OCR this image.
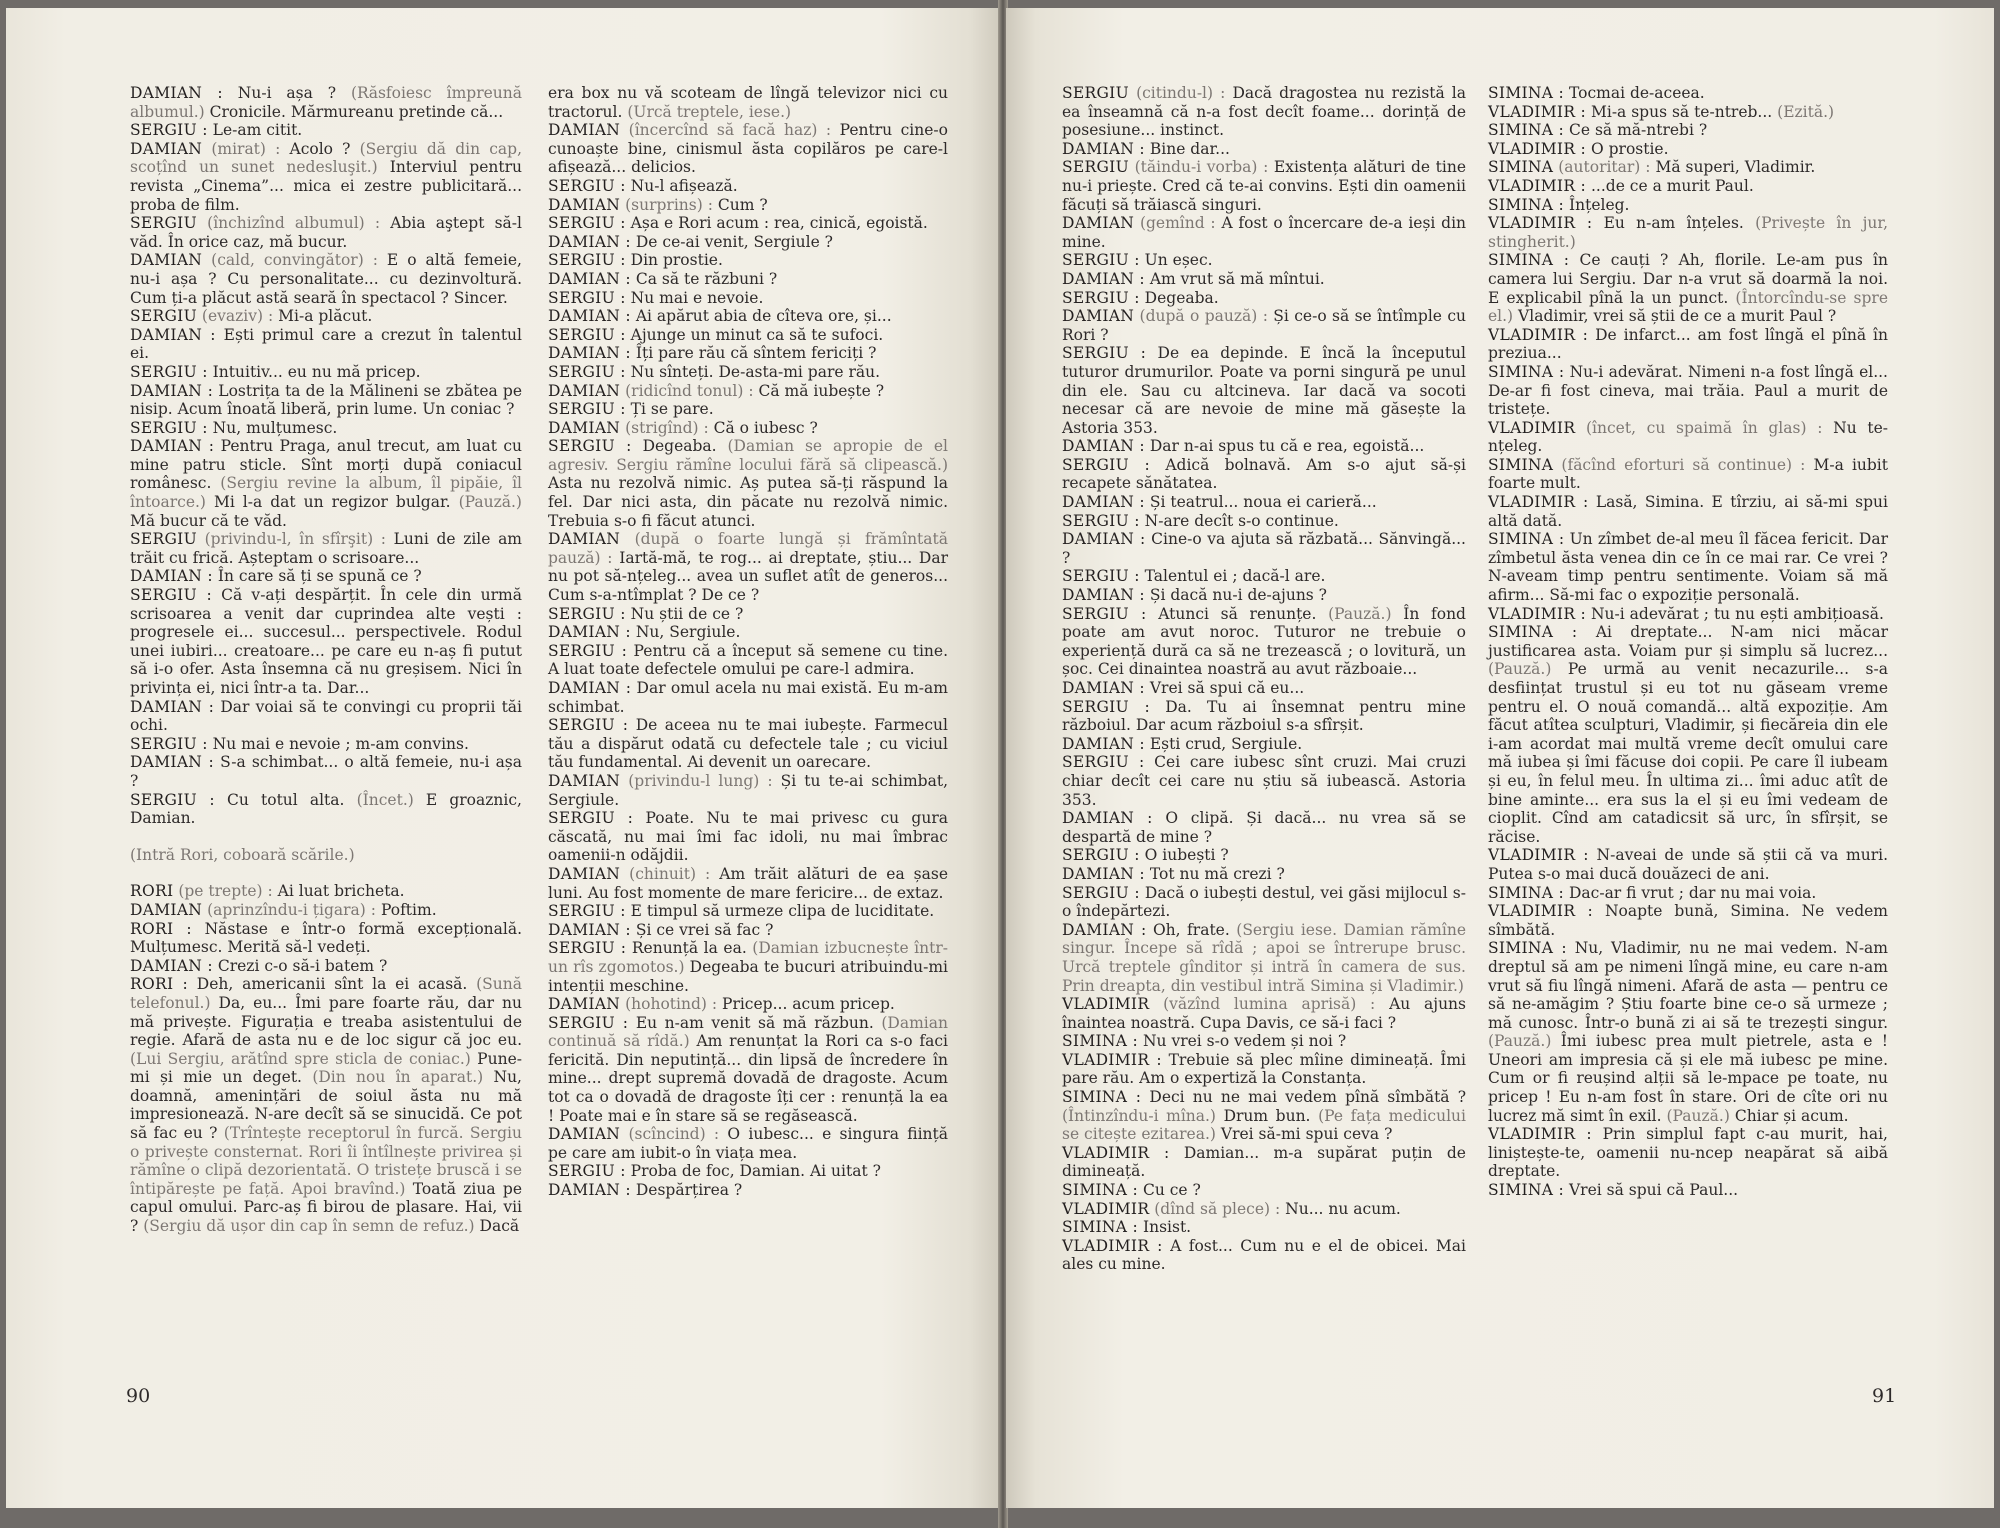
DAMIAN : Nu-i așa ? (Răsfoiesc împreună albumul.) Cronicile. Mărmureanu pretinde că...

SERGIU : Le-am citit.

DAMIAN (mirat) : Acolo ? (Sergiu dă din cap, scoțînd un sunet nedesluşit.) Interviul pentru revista „Cinema”... mica ei zestre publicitară... proba de film.

SERGIU (închizînd albumul) : Abia aştept să-l văd. În orice caz, mă bucur.

DAMIAN (cald, convingător) : E o altă femeie, nu-i așa ? Cu personalitate... cu dezinvoltură. Cum ți-a plăcut astă seară în spectacol ? Sincer.

SERGIU (evaziv) : Mi-a plăcut.

DAMIAN : Ești primul care a crezut în talentul ei.

SERGIU : Intuitiv... eu nu mă pricep.

DAMIAN : Lostrița ta de la Mălineni se zbătea pe nisip. Acum înoată liberă, prin lume. Un coniac ?

SERGIU : Nu, mulțumesc.

DAMIAN : Pentru Praga, anul trecut, am luat cu mine patru sticle. Sînt morți după coniacul românesc. (Sergiu revine la album, îl pipăie, îl întoarce.) Mi l-a dat un regizor bulgar. (Pauză.) Mă bucur că te văd.

SERGIU (privindu-l, în sfîrşit) : Luni de zile am trăit cu frică. Așteptam o scrisoare...

DAMIAN : În care să ți se spună ce ?

SERGIU : Că v-ați despărțit. În cele din urmă scrisoarea a venit dar cuprindea alte vești : progresele ei... succesul... perspectivele. Rodul unei iubiri... creatoare... pe care eu n-aș fi putut să i-o ofer. Asta însemna că nu greșisem. Nici în privința ei, nici într-a ta. Dar...

DAMIAN : Dar voiai să te convingi cu proprii tăi ochi.

SERGIU : Nu mai e nevoie ; m-am convins.

DAMIAN : S-a schimbat... o altă femeie, nu-i așa ?

SERGIU : Cu totul alta. (Încet.) E groaznic, Damian.

(Intră Rori, coboară scările.)

RORI (pe trepte) : Ai luat bricheta.

DAMIAN (aprinzîndu-i țigara) : Poftim.

RORI : Năstase e într-o formă excepțională. Mulțumesc. Merită să-l vedeți.

DAMIAN : Crezi c-o să-i batem ?

RORI : Deh, americanii sînt la ei acasă. (Sună telefonul.) Da, eu... Îmi pare foarte rău, dar nu mă privește. Figurația e treaba asistentului de regie. Afară de asta nu e de loc sigur că joc eu. (Lui Sergiu, arătînd spre sticla de coniac.) Pune-mi și mie un deget. (Din nou în aparat.) Nu, doamnă, amenințări de soiul ăsta nu mă impresionează. N-are decît să se sinucidă. Ce pot să fac eu ? (Trîntește receptorul în furcă. Sergiu o privește consternat. Rori îi întîlnește privirea și rămîne o clipă dezorientată. O tristețe bruscă i se întipărește pe față. Apoi bravînd.) Toată ziua pe capul omului. Parc-aș fi birou de plasare. Hai, vii ? (Sergiu dă ușor din cap în semn de refuz.) Dacă

era box nu vă scoteam de lîngă televizor nici cu tractorul. (Urcă treptele, iese.)

DAMIAN (încercînd să facă haz) : Pentru cine-o cunoaște bine, cinismul ăsta copilăros pe care-l afișează... delicios.

SERGIU : Nu-l afișează.

DAMIAN (surprins) : Cum ?

SERGIU : Așa e Rori acum : rea, cinică, egoistă.

DAMIAN : De ce-ai venit, Sergiule ?

SERGIU : Din prostie.

DAMIAN : Ca să te răzbuni ?

SERGIU : Nu mai e nevoie.

DAMIAN : Ai apărut abia de cîteva ore, și...

SERGIU : Ajunge un minut ca să te sufoci.

DAMIAN : Îți pare rău că sîntem fericiți ?

SERGIU : Nu sînteți. De-asta-mi pare rău.

DAMIAN (ridicînd tonul) : Că mă iubește ?

SERGIU : Ți se pare.

DAMIAN (strigînd) : Că o iubesc ?

SERGIU : Degeaba. (Damian se apropie de el agresiv. Sergiu rămîne locului fără să clipească.) Asta nu rezolvă nimic. Aș putea să-ți răspund la fel. Dar nici asta, din păcate nu rezolvă nimic. Trebuia s-o fi făcut atunci.

DAMIAN (după o foarte lungă și frămîntată pauză) : Iartă-mă, te rog... ai dreptate, știu... Dar nu pot să-nțeleg... avea un suflet atît de generos... Cum s-a-ntîmplat ? De ce ?

SERGIU : Nu știi de ce ?

DAMIAN : Nu, Sergiule.

SERGIU : Pentru că a început să semene cu tine. A luat toate defectele omului pe care-l admira.

DAMIAN : Dar omul acela nu mai există. Eu m-am schimbat.

SERGIU : De aceea nu te mai iubește. Farmecul tău a dispărut odată cu defectele tale ; cu viciul tău fundamental. Ai devenit un oarecare.

DAMIAN (privindu-l lung) : Și tu te-ai schimbat, Sergiule.

SERGIU : Poate. Nu te mai privesc cu gura căscată, nu mai îmi fac idoli, nu mai îmbrac oamenii-n odăjdii.

DAMIAN (chinuit) : Am trăit alături de ea șase luni. Au fost momente de mare fericire... de extaz.

SERGIU : E timpul să urmeze clipa de luciditate.

DAMIAN : Și ce vrei să fac ?

SERGIU : Renunță la ea. (Damian izbucnește într-un rîs zgomotos.) Degeaba te bucuri atribuindu-mi intenții meschine.

DAMIAN (hohotind) : Pricep... acum pricep.

SERGIU : Eu n-am venit să mă răzbun. (Damian continuă să rîdă.) Am renunțat la Rori ca s-o faci fericită. Din neputință... din lipsă de încredere în mine... drept supremă dovadă de dragoste. Acum tot ca o dovadă de dragoste îți cer : renunță la ea ! Poate mai e în stare să se regăsească.

DAMIAN (scîncind) : O iubesc... e singura ființă pe care am iubit-o în viața mea.

SERGIU : Proba de foc, Damian. Ai uitat ?

DAMIAN : Despărțirea ?

SERGIU (citindu-l) : Dacă dragostea nu rezistă la ea înseamnă că n-a fost decît foame... dorință de posesiune... instinct.

DAMIAN : Bine dar...

SERGIU (tăindu-i vorba) : Existența alături de tine nu-i priește. Cred că te-ai convins. Ești din oamenii făcuți să trăiască singuri.

DAMIAN (gemînd : A fost o încercare de-a ieși din mine.

SERGIU : Un eșec.

DAMIAN : Am vrut să mă mîntui.

SERGIU : Degeaba.

DAMIAN (după o pauză) : Și ce-o să se întîmple cu Rori ?

SERGIU : De ea depinde. E încă la începutul tuturor drumurilor. Poate va porni singură pe unul din ele. Sau cu altcineva. Iar dacă va socoti necesar că are nevoie de mine mă găsește la Astoria 353.

DAMIAN : Dar n-ai spus tu că e rea, egoistă...

SERGIU : Adică bolnavă. Am s-o ajut să-și recapete sănătatea.

DAMIAN : Și teatrul... noua ei carieră...

SERGIU : N-are decît s-o continue.

DAMIAN : Cine-o va ajuta să răzbată... Sănvingă... ?

SERGIU : Talentul ei ; dacă-l are.

DAMIAN : Și dacă nu-i de-ajuns ?

SERGIU : Atunci să renunțe. (Pauză.) În fond poate am avut noroc. Tuturor ne trebuie o experiență dură ca să ne trezească ; o lovitură, un șoc. Cei dinaintea noastră au avut războaie...

DAMIAN : Vrei să spui că eu...

SERGIU : Da. Tu ai însemnat pentru mine războiul. Dar acum războiul s-a sfîrșit.

DAMIAN : Ești crud, Sergiule.

SERGIU : Cei care iubesc sînt cruzi. Mai cruzi chiar decît cei care nu știu să iubească. Astoria 353.

DAMIAN : O clipă. Și dacă... nu vrea să se despartă de mine ?

SERGIU : O iubești ?

DAMIAN : Tot nu mă crezi ?

SERGIU : Dacă o iubești destul, vei găsi mijlocul s-o îndepărtezi.

DAMIAN : Oh, frate. (Sergiu iese. Damian rămîne singur. Începe să rîdă ; apoi se întrerupe brusc. Urcă treptele gînditor și intră în camera de sus. Prin dreapta, din vestibul intră Simina și Vladimir.)

VLADIMIR (văzînd lumina aprisă) : Au ajuns înaintea noastră. Cupa Davis, ce să-i faci ?

SIMINA : Nu vrei s-o vedem și noi ?

VLADIMIR : Trebuie să plec mîine dimineață. Îmi pare rău. Am o expertiză la Constanța.

SIMINA : Deci nu ne mai vedem pînă sîmbătă ? (Întinzîndu-i mîna.) Drum bun. (Pe fața medicului se citește ezitarea.) Vrei să-mi spui ceva ?

VLADIMIR : Damian... m-a supărat puțin de dimineață.

SIMINA : Cu ce ?

VLADIMIR (dînd să plece) : Nu... nu acum.

SIMINA : Insist.

VLADIMIR : A fost... Cum nu e el de obicei. Mai ales cu mine.

SIMINA : Tocmai de-aceea.

VLADIMIR : Mi-a spus să te-ntreb... (Ezită.)

SIMINA : Ce să mă-ntrebi ?

VLADIMIR : O prostie.

SIMINA (autoritar) : Mă superi, Vladimir.

VLADIMIR : ...de ce a murit Paul.

SIMINA : Înțeleg.

VLADIMIR : Eu n-am înțeles. (Privește în jur, stingherit.)

SIMINA : Ce cauți ? Ah, florile. Le-am pus în camera lui Sergiu. Dar n-a vrut să doarmă la noi. E explicabil pînă la un punct. (Întorcîndu-se spre el.) Vladimir, vrei să știi de ce a murit Paul ?

VLADIMIR : De infarct... am fost lîngă el pînă în preziua...

SIMINA : Nu-i adevărat. Nimeni n-a fost lîngă el... De-ar fi fost cineva, mai trăia. Paul a murit de tristețe.

VLADIMIR (încet, cu spaimă în glas) : Nu te-nțeleg.

SIMINA (făcînd eforturi să continue) : M-a iubit foarte mult.

VLADIMIR : Lasă, Simina. E tîrziu, ai să-mi spui altă dată.

SIMINA : Un zîmbet de-al meu îl făcea fericit. Dar zîmbetul ăsta venea din ce în ce mai rar. Ce vrei ? N-aveam timp pentru sentimente. Voiam să mă afirm... Să-mi fac o expoziție personală.

VLADIMIR : Nu-i adevărat ; tu nu ești ambițioasă.

SIMINA : Ai dreptate... N-am nici măcar justificarea asta. Voiam pur și simplu să lucrez... (Pauză.) Pe urmă au venit necazurile... s-a desființat trustul și eu tot nu găseam vreme pentru el. O nouă comandă... altă expoziție. Am făcut atîtea sculpturi, Vladimir, și fiecăreia din ele i-am acordat mai multă vreme decît omului care mă iubea și îmi făcuse doi copii. Pe care îl iubeam și eu, în felul meu. În ultima zi... îmi aduc atît de bine aminte... era sus la el și eu îmi vedeam de cioplit. Cînd am catadicsit să urc, în sfîrșit, se răcise.

VLADIMIR : N-aveai de unde să știi că va muri. Putea s-o mai ducă douăzeci de ani.

SIMINA : Dac-ar fi vrut ; dar nu mai voia.

VLADIMIR : Noapte bună, Simina. Ne vedem sîmbătă.

SIMINA : Nu, Vladimir, nu ne mai vedem. N-am dreptul să am pe nimeni lîngă mine, eu care n-am vrut să fiu lîngă nimeni. Afară de asta — pentru ce să ne-amăgim ? Știu foarte bine ce-o să urmeze ; mă cunosc. Într-o bună zi ai să te trezești singur. (Pauză.) Îmi iubesc prea mult pietrele, asta e ! Uneori am impresia că și ele mă iubesc pe mine. Cum or fi reușind alții să le-mpace pe toate, nu pricep ! Eu n-am fost în stare. Ori de cîte ori nu lucrez mă simt în exil. (Pauză.) Chiar și acum.

VLADIMIR : Prin simplul fapt c-au murit, hai, liniștește-te, oamenii nu-ncep neapărat să aibă dreptate.

SIMINA : Vrei să spui că Paul...

90	91
